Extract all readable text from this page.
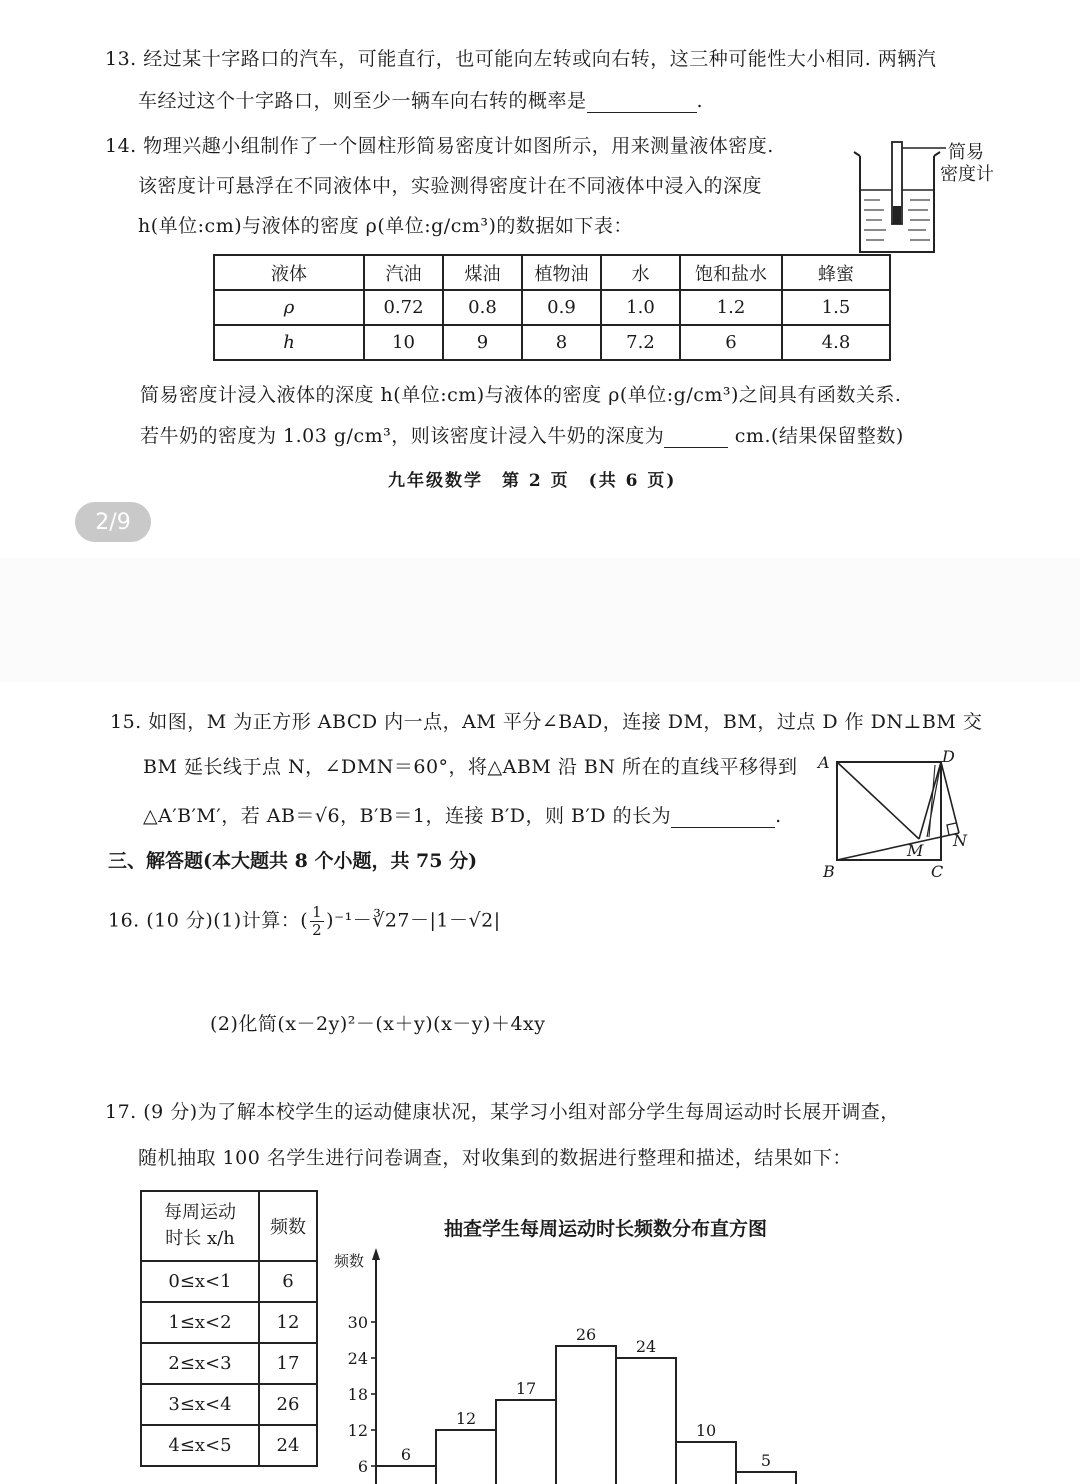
13. 经过某十字路口的汽车，可能直行，也可能向左转或向右转，这三种可能性大小相同. 两辆汽
车经过这个十字路口，则至少一辆车向右转的概率是	.
14. 物理兴趣小组制作了一个圆柱形简易密度计如图所示，用来测量液体密度.
该密度计可悬浮在不同液体中，实验测得密度计在不同液体中浸入的深度
h(单位:cm)与液体的密度 ρ(单位:g/cm³)的数据如下表：
简易
密度计
液体	汽油	煤油	植物油	水	饱和盐水	蜂蜜
ρ	0.72	0.8	0.9	1.0	1.2	1.5
h	10	9	8	7.2	6	4.8
简易密度计浸入液体的深度 h(单位:cm)与液体的密度 ρ(单位:g/cm³)之间具有函数关系.
若牛奶的密度为 1.03 g/cm³，则该密度计浸入牛奶的深度为	cm.(结果保留整数)
九年级数学　第 2 页　(共 6 页)
2/9
15. 如图，M 为正方形 ABCD 内一点，AM 平分∠BAD，连接 DM，BM，过点 D 作 DN⊥BM 交
BM 延长线于点 N，∠DMN＝60°，将△ABM 沿 BN 所在的直线平移得到
△A′B′M′，若 AB＝√6，B′B＝1，连接 B′D，则 B′D 的长为	.
A	D
N
M
B	C
三、解答题(本大题共 8 个小题，共 75 分)
16. (10 分)(1)计算：( $\frac{1}{2}$ )⁻¹－∛27－|1－√2|
(2)化简(x－2y)²－(x＋y)(x－y)＋4xy
17. (9 分)为了解本校学生的运动健康状况，某学习小组对部分学生每周运动时长展开调查，
随机抽取 100 名学生进行问卷调查，对收集到的数据进行整理和描述，结果如下：
每周运动
时长 x/h	频数
0≤x<1	6
1≤x<2	12
2≤x<3	17
3≤x<4	26
4≤x<5	24
抽查学生每周运动时长频数分布直方图
频数
6
12
18
24
30
6
12
17
26
24
10
5
